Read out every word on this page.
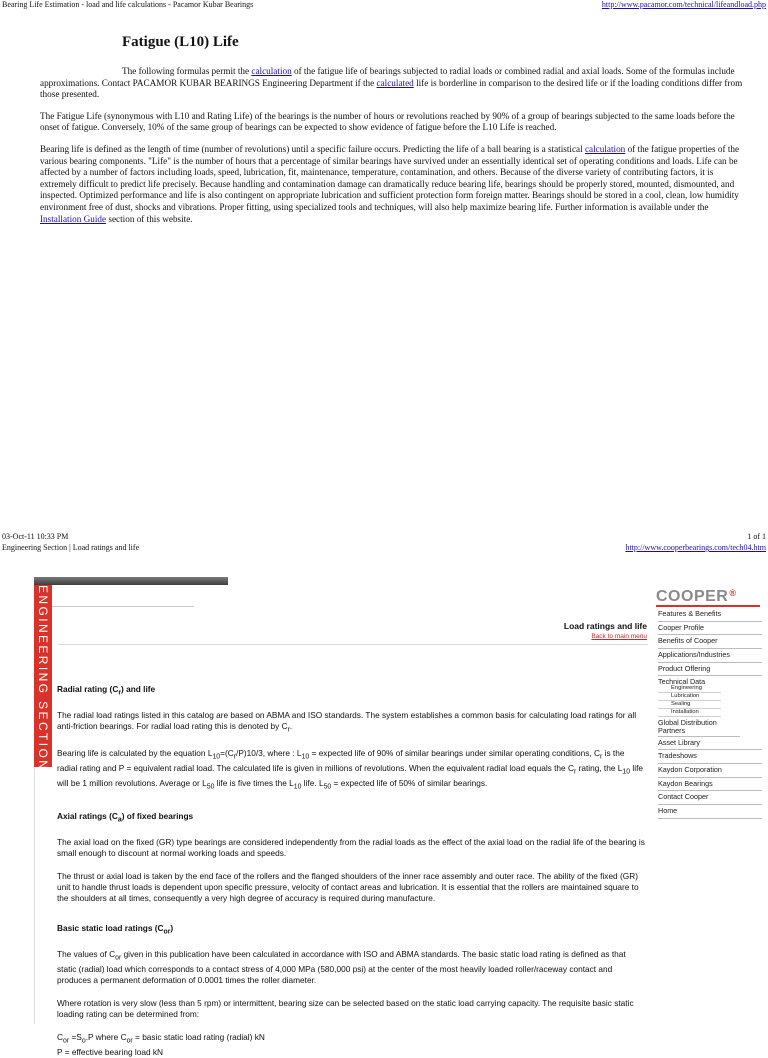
Bearing Life Estimation - load and life calculations - Pacamor Kubar Bearings	http://www.pacamor.com/technical/lifeandload.php
Fatigue (L10) Life

The following formulas permit the calculation of the fatigue life of bearings subjected to radial loads or combined radial and axial loads. Some of the formulas include approximations. Contact PACAMOR KUBAR BEARINGS Engineering Department if the calculated life is borderline in comparison to the desired life or if the loading conditions differ from those presented.

The Fatigue Life (synonymous with L10 and Rating Life) of the bearings is the number of hours or revolutions reached by 90% of a group of bearings subjected to the same loads before the onset of fatigue. Conversely, 10% of the same group of bearings can be expected to show evidence of fatigue before the L10 Life is reached.

Bearing life is defined as the length of time (number of revolutions) until a specific failure occurs. Predicting the life of a ball bearing is a statistical calculation of the fatigue properties of the various bearing components. "Life" is the number of hours that a percentage of similar bearings have survived under an essentially identical set of operating conditions and loads. Life can be affected by a number of factors including loads, speed, lubrication, fit, maintenance, temperature, contamination, and others. Because of the diverse variety of contributing factors, it is extremely difficult to predict life precisely. Because handling and contamination damage can dramatically reduce bearing life, bearings should be properly stored, mounted, dismounted, and inspected. Optimized performance and life is also contingent on appropriate lubrication and sufficient protection form foreign matter. Bearings should be stored in a cool, clean, low humidity environment free of dust, shocks and vibrations. Proper fitting, using specialized tools and techniques, will also help maximize bearing life. Further information is available under the Installation Guide section of this website.

03-Oct-11 10:33 PM	1 of 1
Engineering Section | Load ratings and life	http://www.cooperbearings.com/tech04.htm
ENGINEERING SECTION	Load ratings and life
Back to main menu
Radial rating $(C_r)$ and life

The radial load ratings listed in this catalog are based on ABMA and ISO standards. The system establishes a common basis for calculating load ratings for all anti-friction bearings. For radial load rating this is denoted by $C_r$.

Bearing life is calculated by the equation $L_{10}=(C_r/P)10/3$, where : $L_{10}$ = expected life of 90% of similar bearings under similar operating conditions, $C_r$ is the radial rating and P = equivalent radial load. The calculated life is given in millions of revolutions. When the equivalent radial load equals the $C_r$ rating, the $L_{10}$ life will be 1 million revolutions. Average or $L_{50}$ life is five times the $L_{10}$ life. $L_{50}$ = expected life of 50% of similar bearings.

Axial ratings $(C_a)$ of fixed bearings

The axial load on the fixed (GR) type bearings are considered independently from the radial loads as the effect of the axial load on the radial life of the bearing is small enough to discount at normal working loads and speeds.

The thrust or axial load is taken by the end face of the rollers and the flanged shoulders of the inner race assembly and outer race. The ability of the fixed (GR) unit to handle thrust loads is dependent upon specific pressure, velocity of contact areas and lubrication. It is essential that the rollers are maintained square to the shoulders at all times, consequently a very high degree of accuracy is required during manufacture.

Basic static load ratings $(C_{or})$

The values of $C_{or}$ given in this publication have been calculated in accordance with ISO and ABMA standards. The basic static load rating is defined as that static (radial) load which corresponds to a contact stress of 4,000 MPa (580,000 psi) at the center of the most heavily loaded roller/raceway contact and produces a permanent deformation of 0.0001 times the roller diameter.

Where rotation is very slow (less than 5 rpm) or intermittent, bearing size can be selected based on the static load carrying capacity. The requisite basic static loading rating can be determined from:

$C_{or} =S_o.P$ where $C_{or}$ = basic static load rating (radial) kN
P = effective bearing load kN
COOPER®
Features & Benefits
Cooper Profile
Benefits of Cooper
Applications/Industries
Product Offering
Technical Data
Engineering
Lubrication
Sealing
Installation
Global Distribution Partners
Asset Library
Tradeshows
Kaydon Corporation
Kaydon Bearings
Contact Cooper
Home
